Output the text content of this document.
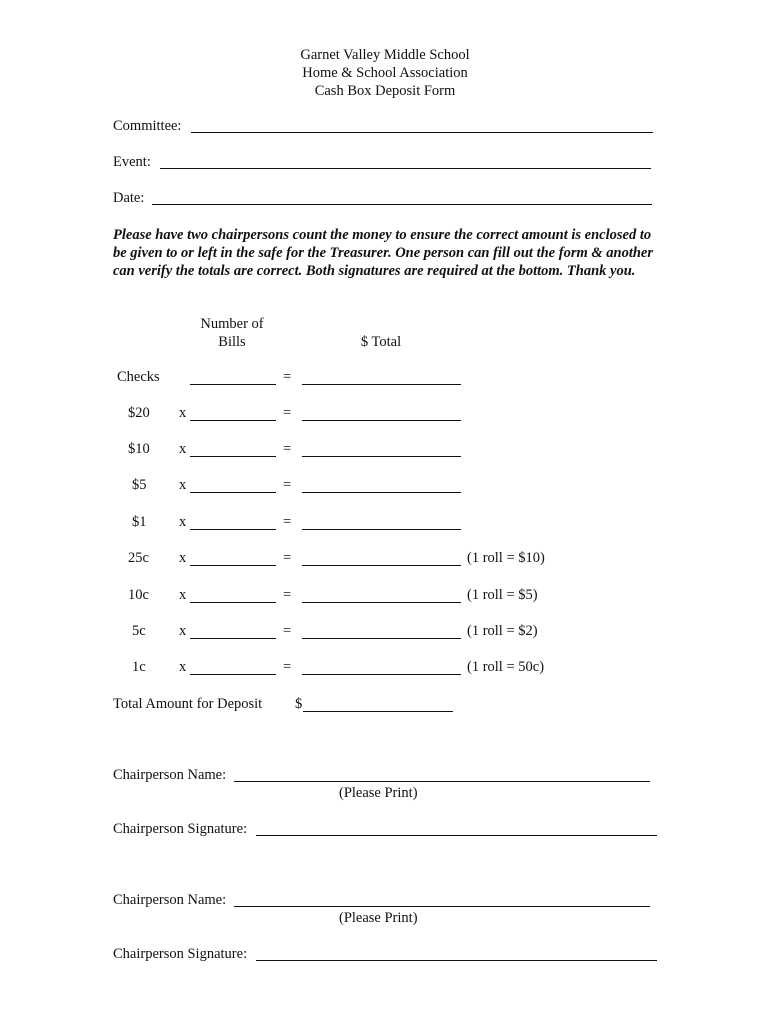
Garnet Valley Middle School
Home & School Association
Cash Box Deposit Form
Committee:
Event:
Date:
Please have two chairpersons count the money to ensure the correct amount is enclosed to be given to or left in the safe for the Treasurer. One person can fill out the form & another can verify the totals are correct. Both signatures are required at the bottom. Thank you.
Number of
Bills	$ Total
Checks	=
$20 x	=
$10 x	=
$5 x	=
$1 x	=
25c x	=	(1 roll = $10)
10c x	=	(1 roll = $5)
5c x	=	(1 roll = $2)
1c x	=	(1 roll = 50c)
Total Amount for Deposit $
Chairperson Name:
(Please Print)
Chairperson Signature:
Chairperson Name:
(Please Print)
Chairperson Signature:
